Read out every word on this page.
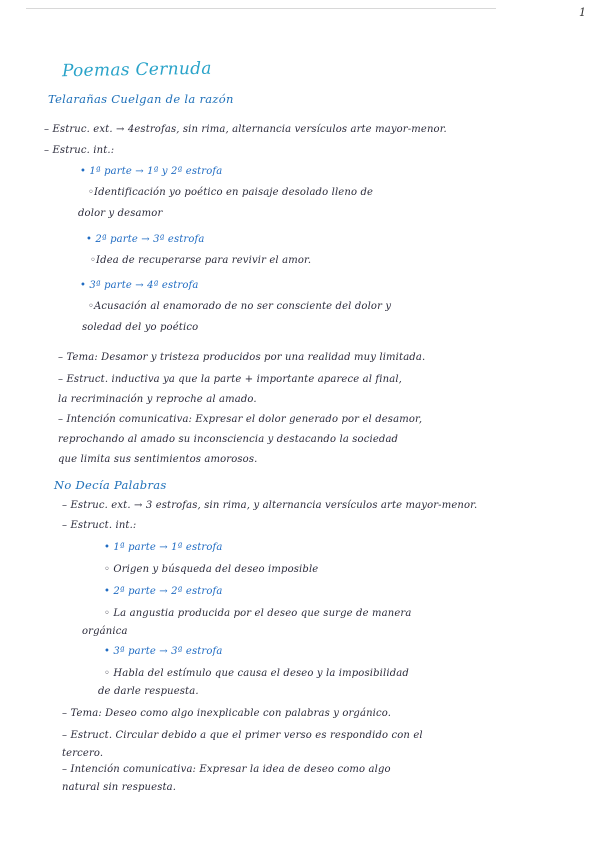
1
Poemas Cernuda
Telarañas Cuelgan de la razón
– Estruc. ext. → 4estrofas, sin rima, alternancia versículos arte mayor-menor.
– Estruc. int.:
• 1ª parte → 1ª y 2ª estrofa
◦Identificación yo poético en paisaje desolado lleno de
dolor y desamor
• 2ª parte → 3ª estrofa
◦Idea de recuperarse para revivir el amor.
• 3ª parte → 4ª estrofa
◦Acusación al enamorado de no ser consciente del dolor y
soledad del yo poético
– Tema: Desamor y tristeza producidos por una realidad muy limitada.
– Estruct. inductiva ya que la parte + importante aparece al final,
la recriminación y reproche al amado.
– Intención comunicativa: Expresar el dolor generado por el desamor,
reprochando al amado su inconsciencia y destacando la sociedad
que limita sus sentimientos amorosos.
No Decía Palabras
– Estruc. ext. → 3 estrofas, sin rima, y alternancia versículos arte mayor-menor.
– Estruct. int.:
• 1ª parte → 1ª estrofa
◦ Origen y búsqueda del deseo imposible
• 2ª parte → 2ª estrofa
◦ La angustia producida por el deseo que surge de manera
orgánica
• 3ª parte → 3ª estrofa
◦ Habla del estímulo que causa el deseo y la imposibilidad
de darle respuesta.
– Tema: Deseo como algo inexplicable con palabras y orgánico.
– Estruct. Circular debido a que el primer verso es respondido con el
tercero.
– Intención comunicativa: Expresar la idea de deseo como algo
natural sin respuesta.
